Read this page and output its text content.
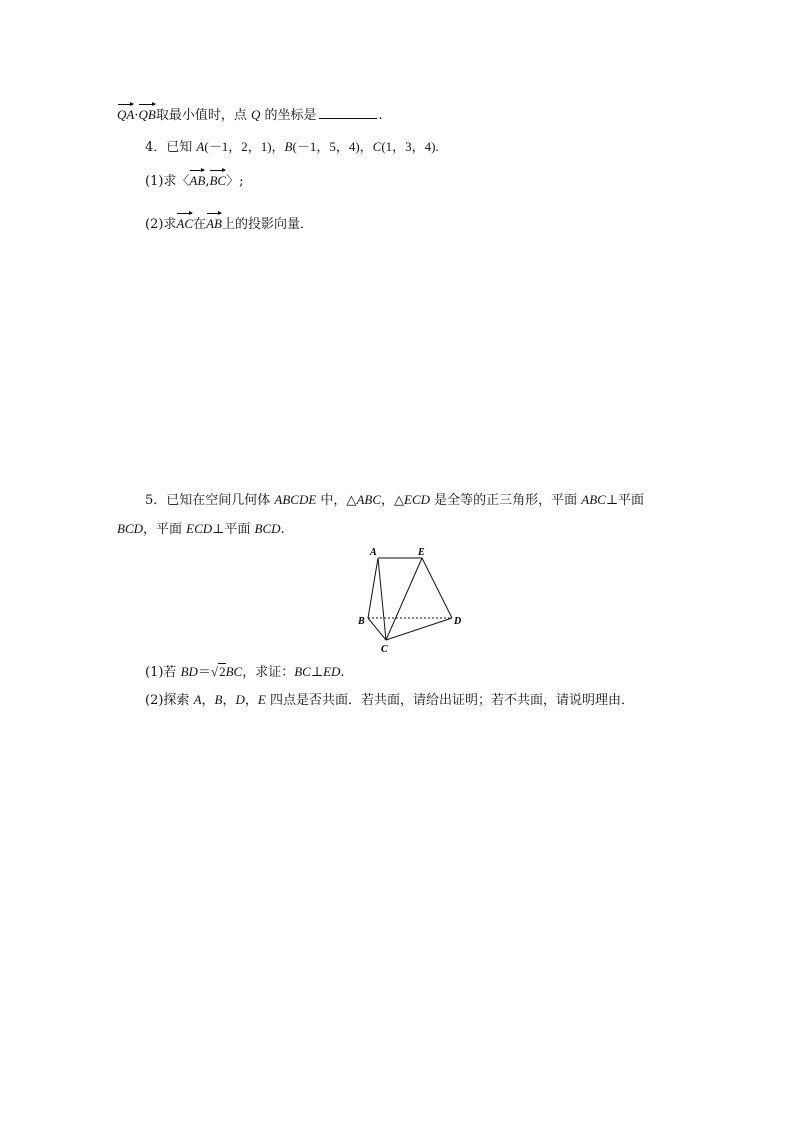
QA·QB取最小值时，点 Q 的坐标是	.
4．已知 A(－1，2，1)，B(－1，5，4)，C(1，3，4).
(1)求〈AB,BC〉;
(2)求AC在AB上的投影向量．
5．已知在空间几何体 ABCDE 中，△ABC，△ECD 是全等的正三角形，平面 ABC⊥平面
BCD，平面 ECD⊥平面 BCD.
A	E
B	D
C
(1)若 BD＝√2BC，求证：BC⊥ED.
(2)探索 A，B，D，E 四点是否共面．若共面，请给出证明；若不共面，请说明理由．
